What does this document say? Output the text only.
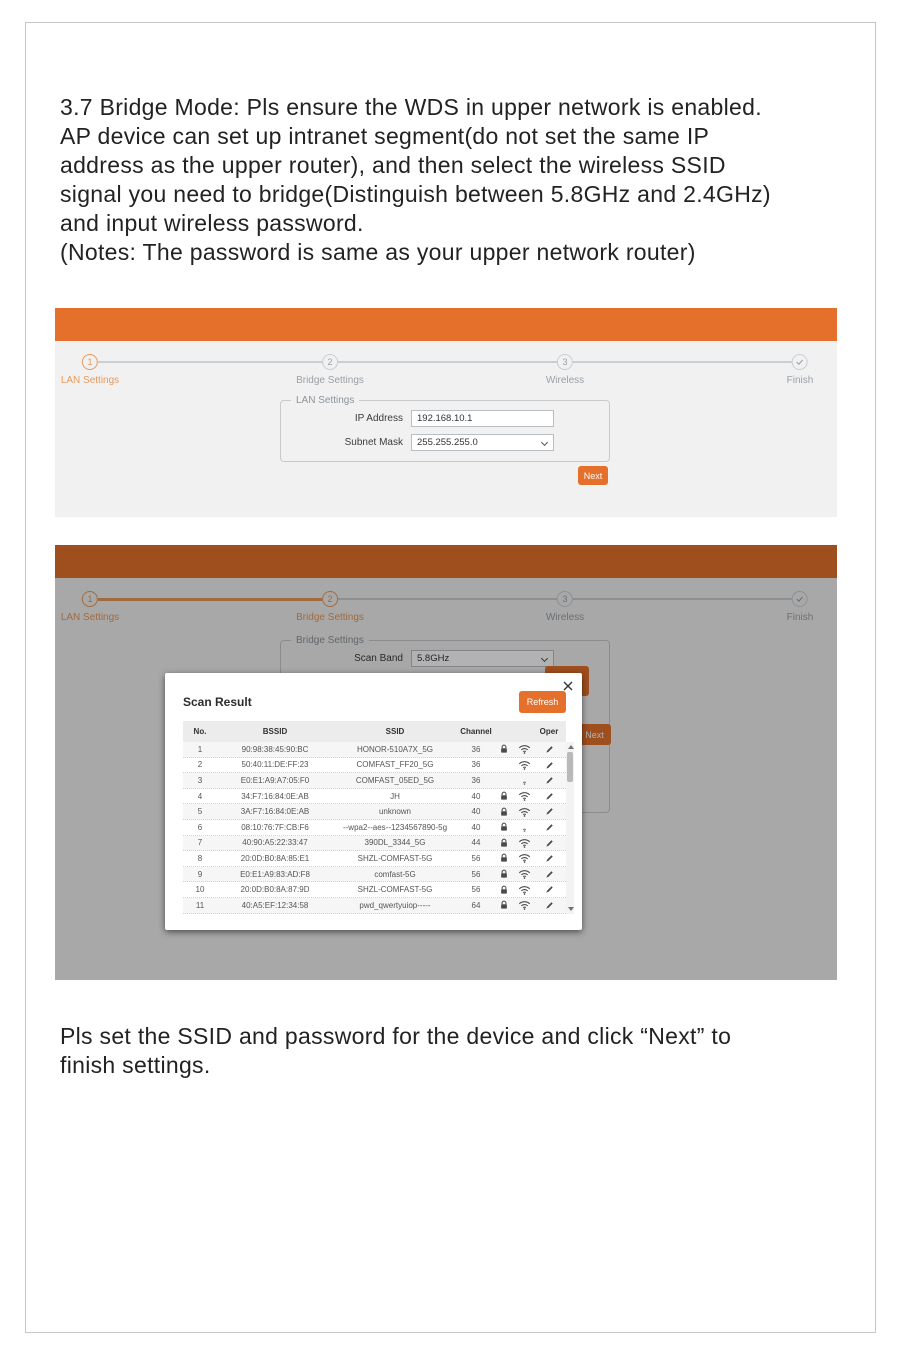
3.7 Bridge Mode: Pls ensure the WDS in upper network is enabled.
AP device can set up intranet segment(do not set the same IP
address as the upper router), and then select the wireless SSID
signal you need to bridge(Distinguish between 5.8GHz and 2.4GHz)
and input wireless password.
(Notes: The password is same as your upper network router)
1
LAN Settings
2
Bridge Settings
3
Wireless	Finish
LAN Settings
IP Address 192.168.10.1
Subnet Mask 255.255.255.0
Next
1
LAN Settings
2
Bridge Settings
3
Wireless	Finish
Bridge Settings
Scan Band 5.8GHz
Next
Scan Result	Refresh
No.	BSSID	SSID	Channel	Oper
1	90:98:38:45:90:BC	HONOR-510A7X_5G	36
2	50:40:11:DE:FF:23	COMFAST_FF20_5G	36
3	E0:E1:A9:A7:05:F0	COMFAST_05ED_5G	36
4	34:F7:16:84:0E:AB	JH	40
5	3A:F7:16:84:0E:AB	unknown	40
6	08:10:76:7F:CB:F6	--wpa2--aes--1234567890-5g	40
7	40:90:A5:22:33:47	390DL_3344_5G	44
8	20:0D:B0:8A:85:E1	SHZL-COMFAST-5G	56
9	E0:E1:A9:83:AD:F8	comfast-5G	56
10	20:0D:B0:8A:87:9D	SHZL-COMFAST-5G	56
11	40:A5:EF:12:34:58	pwd_qwertyuiop-----	64
Pls set the SSID and password for the device and click “Next” to
finish settings.
